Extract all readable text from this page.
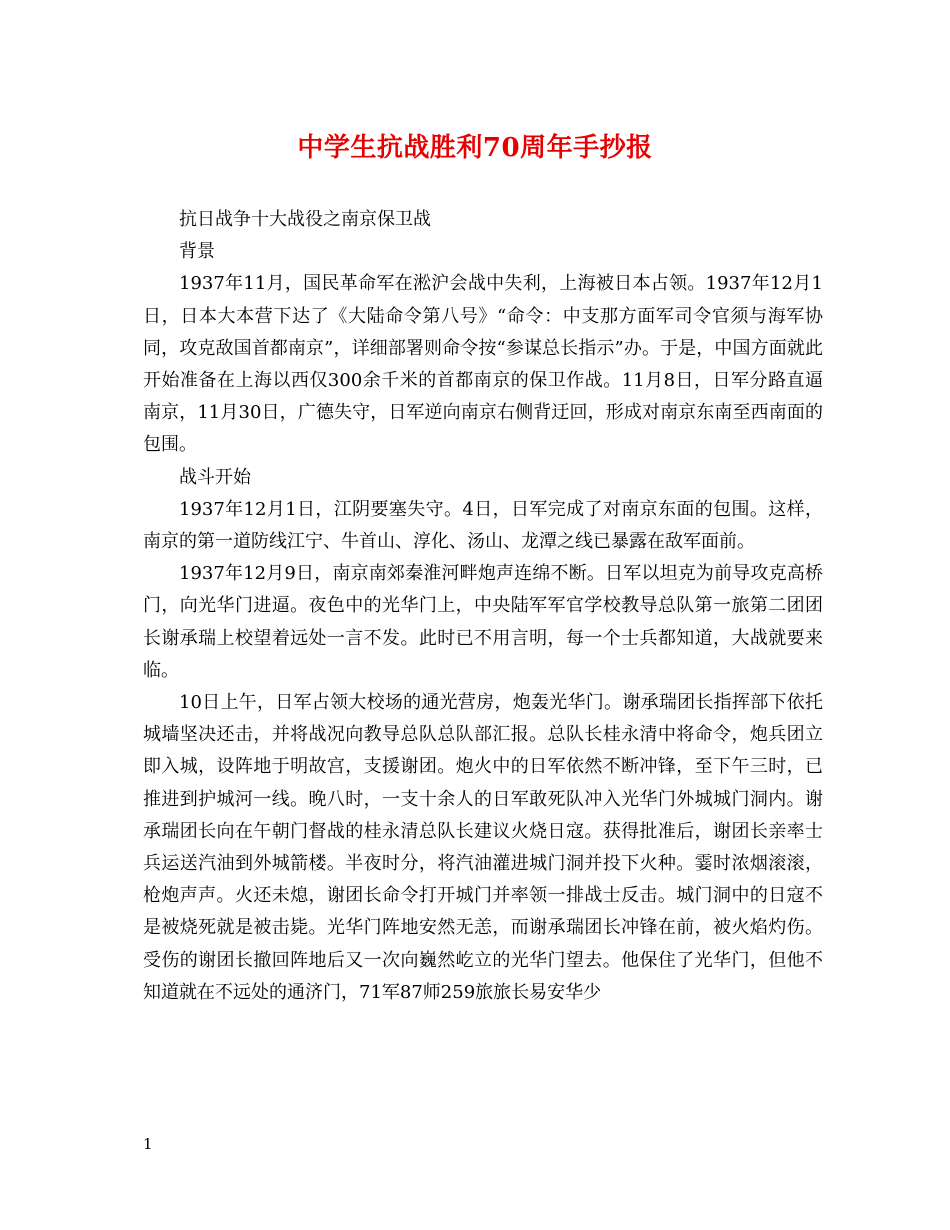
中学生抗战胜利70周年手抄报

抗日战争十大战役之南京保卫战

背景

1937年11月，国民革命军在淞沪会战中失利，上海被日本占领。1937年12月1日，日本大本营下达了《大陆命令第八号》“命令：中支那方面军司令官须与海军协同，攻克敌国首都南京”，详细部署则命令按“参谋总长指示”办。于是，中国方面就此开始准备在上海以西仅300余千米的首都南京的保卫作战。11月8日，日军分路直逼南京，11月30日，广德失守，日军逆向南京右侧背迂回，形成对南京东南至西南面的包围。

战斗开始

1937年12月1日，江阴要塞失守。4日，日军完成了对南京东面的包围。这样，南京的第一道防线江宁、牛首山、淳化、汤山、龙潭之线已暴露在敌军面前。

1937年12月9日，南京南郊秦淮河畔炮声连绵不断。日军以坦克为前导攻克高桥门，向光华门进逼。夜色中的光华门上，中央陆军军官学校教导总队第一旅第二团团长谢承瑞上校望着远处一言不发。此时已不用言明，每一个士兵都知道，大战就要来临。

10日上午，日军占领大校场的通光营房，炮轰光华门。谢承瑞团长指挥部下依托城墙坚决还击，并将战况向教导总队总队部汇报。总队长桂永清中将命令，炮兵团立即入城，设阵地于明故宫，支援谢团。炮火中的日军依然不断冲锋，至下午三时，已推进到护城河一线。晚八时，一支十余人的日军敢死队冲入光华门外城城门洞内。谢承瑞团长向在午朝门督战的桂永清总队长建议火烧日寇。获得批准后，谢团长亲率士兵运送汽油到外城箭楼。半夜时分，将汽油灌进城门洞并投下火种。霎时浓烟滚滚，枪炮声声。火还未熄，谢团长命令打开城门并率领一排战士反击。城门洞中的日寇不是被烧死就是被击毙。光华门阵地安然无恙，而谢承瑞团长冲锋在前，被火焰灼伤。受伤的谢团长撤回阵地后又一次向巍然屹立的光华门望去。他保住了光华门，但他不知道就在不远处的通济门，71军87师259旅旅长易安华少

1
